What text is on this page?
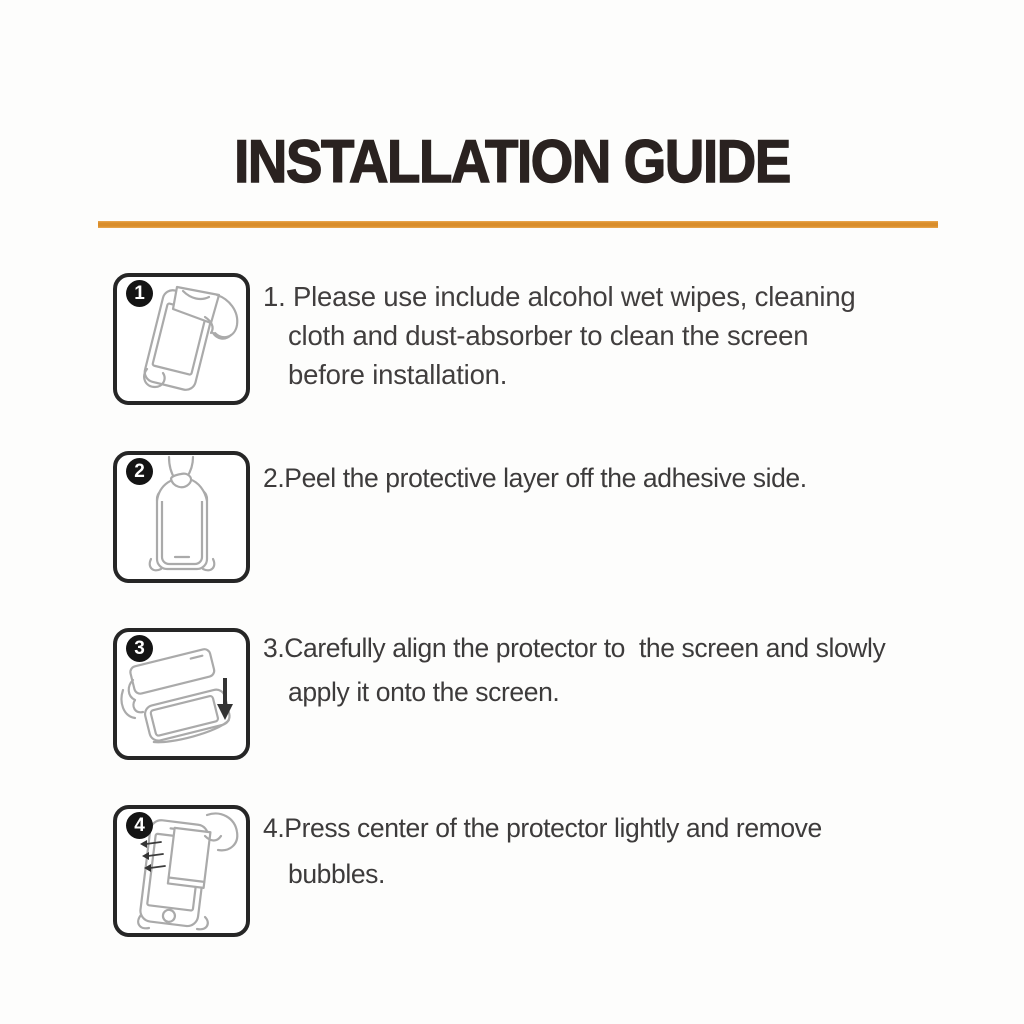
INSTALLATION GUIDE
1	1. Please use include alcohol wet wipes, cleaning
cloth and dust-absorber to clean the screen
before installation.
2	2.Peel the protective layer off the adhesive side.
3	3.Carefully align the protector to  the screen and slowly
apply it onto the screen.
4	4.Press center of the protector lightly and remove
bubbles.
